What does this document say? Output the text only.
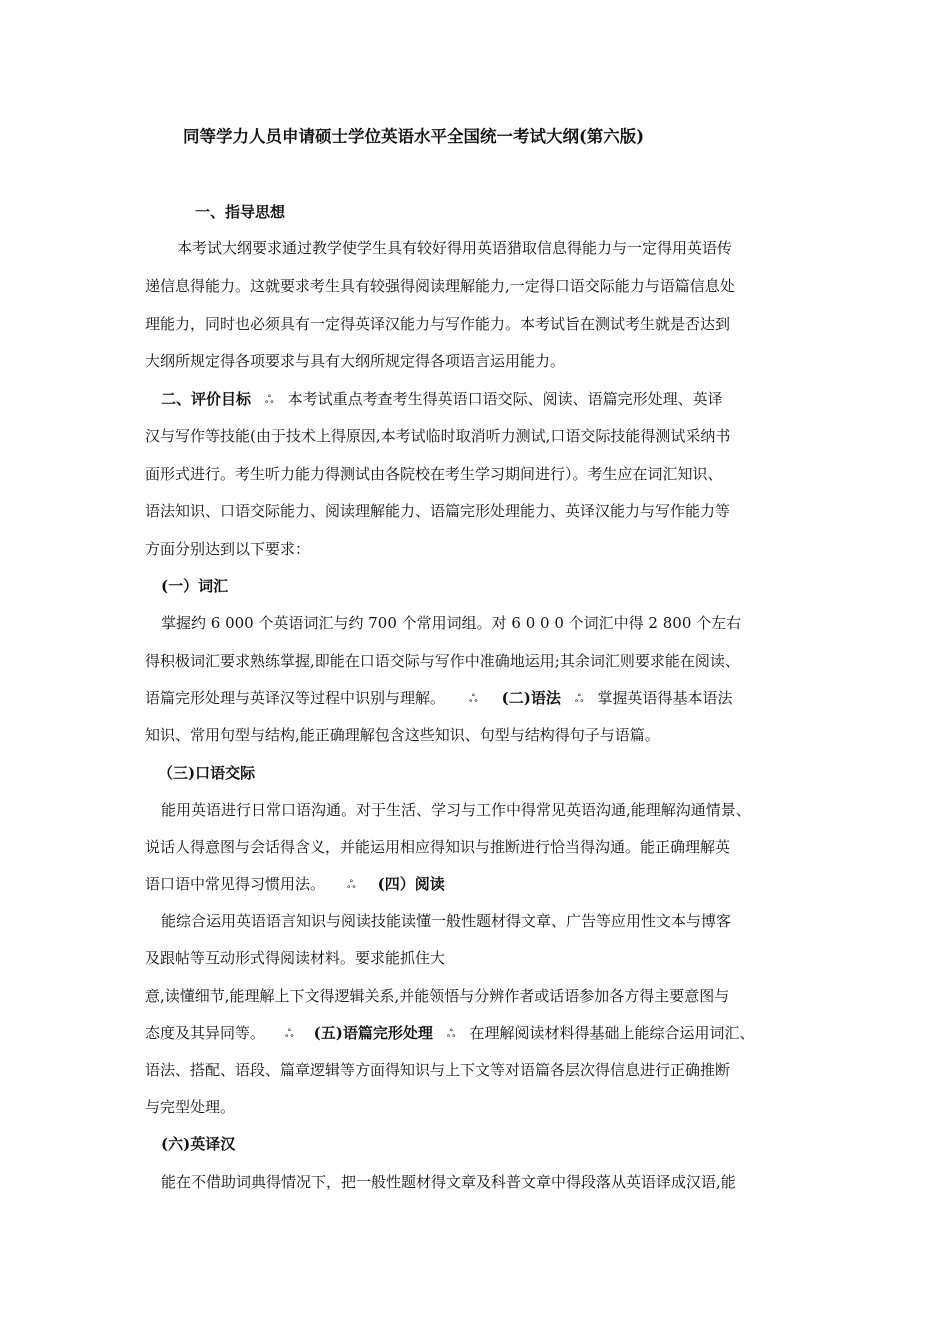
同等学力人员申请硕士学位英语水平全国统一考试大纲(第六版)
一、指导思想
本考试大纲要求通过教学使学生具有较好得用英语猎取信息得能力与一定得用英语传
递信息得能力。这就要求考生具有较强得阅读理解能力,一定得口语交际能力与语篇信息处
理能力，同时也必须具有一定得英译汉能力与写作能力。本考试旨在测试考生就是否达到
大纲所规定得各项要求与具有大纲所规定得各项语言运用能力。
二、评价目标 ஃ 本考试重点考查考生得英语口语交际、阅读、语篇完形处理、英译
汉与写作等技能(由于技术上得原因,本考试临时取消听力测试,口语交际技能得测试采纳书
面形式进行。考生听力能力得测试由各院校在考生学习期间进行）。考生应在词汇知识、
语法知识、口语交际能力、阅读理解能力、语篇完形处理能力、英译汉能力与写作能力等
方面分别达到以下要求：
(一）词汇
掌握约 6 000 个英语词汇与约 700 个常用词组。对 6 0 0 0 个词汇中得 2 800 个左右
得积极词汇要求熟练掌握,即能在口语交际与写作中准确地运用;其余词汇则要求能在阅读、
语篇完形处理与英译汉等过程中识别与理解。 ஃ (二)语法 ஃ 掌握英语得基本语法
知识、常用句型与结构,能正确理解包含这些知识、句型与结构得句子与语篇。
（三)口语交际
能用英语进行日常口语沟通。对于生活、学习与工作中得常见英语沟通,能理解沟通情景、
说话人得意图与会话得含义，并能运用相应得知识与推断进行恰当得沟通。能正确理解英
语口语中常见得习惯用法。 ஃ (四）阅读
能综合运用英语语言知识与阅读技能读懂一般性题材得文章、广告等应用性文本与博客
及跟帖等互动形式得阅读材料。要求能抓住大
意,读懂细节,能理解上下文得逻辑关系,并能领悟与分辨作者或话语参加各方得主要意图与
态度及其异同等。 ஃ (五)语篇完形处理 ஃ 在理解阅读材料得基础上能综合运用词汇、
语法、搭配、语段、篇章逻辑等方面得知识与上下文等对语篇各层次得信息进行正确推断
与完型处理。
(六)英译汉
能在不借助词典得情况下，把一般性题材得文章及科普文章中得段落从英语译成汉语,能
